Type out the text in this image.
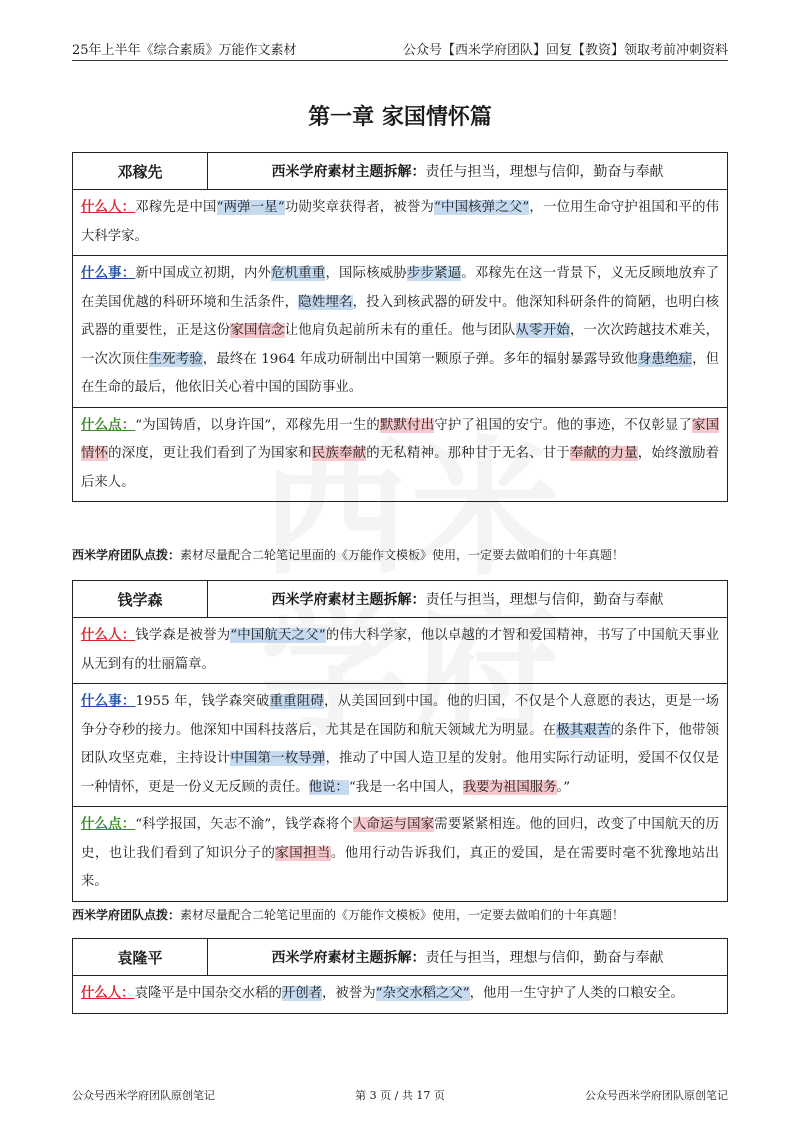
25年上半年《综合素质》万能作文素材	公众号【西米学府团队】回复【教资】领取考前冲刺资料

第一章 家国情怀篇
邓稼先	西米学府素材主题拆解： 责任与担当，理想与信仰，勤奋与奉献
什么人：邓稼先是中国“两弹一星”功勋奖章获得者，被誉为“中国核弹之父”，一位用生命守护祖国和平的伟大科学家。
什么事：新中国成立初期，内外危机重重，国际核威胁步步紧逼。邓稼先在这一背景下，义无反顾地放弃了在美国优越的科研环境和生活条件，隐姓埋名，投入到核武器的研发中。他深知科研条件的简陋，也明白核武器的重要性，正是这份家国信念让他肩负起前所未有的重任。他与团队从零开始，一次次跨越技术难关，一次次顶住生死考验，最终在 1964 年成功研制出中国第一颗原子弹。多年的辐射暴露导致他身患绝症，但在生命的最后，他依旧关心着中国的国防事业。
什么点：“为国铸盾，以身许国”，邓稼先用一生的默默付出守护了祖国的安宁。他的事迹，不仅彰显了家国情怀的深度，更让我们看到了为国家和民族奉献的无私精神。那种甘于无名、甘于奉献的力量，始终激励着后来人。
西米学府团队点拨：素材尽量配合二轮笔记里面的《万能作文模板》使用，一定要去做咱们的十年真题！
钱学森	西米学府素材主题拆解： 责任与担当，理想与信仰，勤奋与奉献
什么人：钱学森是被誉为“中国航天之父”的伟大科学家，他以卓越的才智和爱国精神，书写了中国航天事业从无到有的壮丽篇章。
什么事：1955 年，钱学森突破重重阻碍，从美国回到中国。他的归国，不仅是个人意愿的表达，更是一场争分夺秒的接力。他深知中国科技落后，尤其是在国防和航天领域尤为明显。在极其艰苦的条件下，他带领团队攻坚克难，主持设计中国第一枚导弹，推动了中国人造卫星的发射。他用实际行动证明，爱国不仅仅是一种情怀，更是一份义无反顾的责任。他说：“我是一名中国人，我要为祖国服务。”
什么点：“科学报国，矢志不渝”，钱学森将个人命运与国家需要紧紧相连。他的回归，改变了中国航天的历史，也让我们看到了知识分子的家国担当。他用行动告诉我们，真正的爱国，是在需要时毫不犹豫地站出来。
西米学府团队点拨：素材尽量配合二轮笔记里面的《万能作文模板》使用，一定要去做咱们的十年真题！
袁隆平	西米学府素材主题拆解： 责任与担当，理想与信仰，勤奋与奉献
什么人：袁隆平是中国杂交水稻的开创者，被誉为“杂交水稻之父”，他用一生守护了人类的口粮安全。
公众号西米学府团队原创笔记	第 3 页 / 共 17 页	公众号西米学府团队原创笔记
